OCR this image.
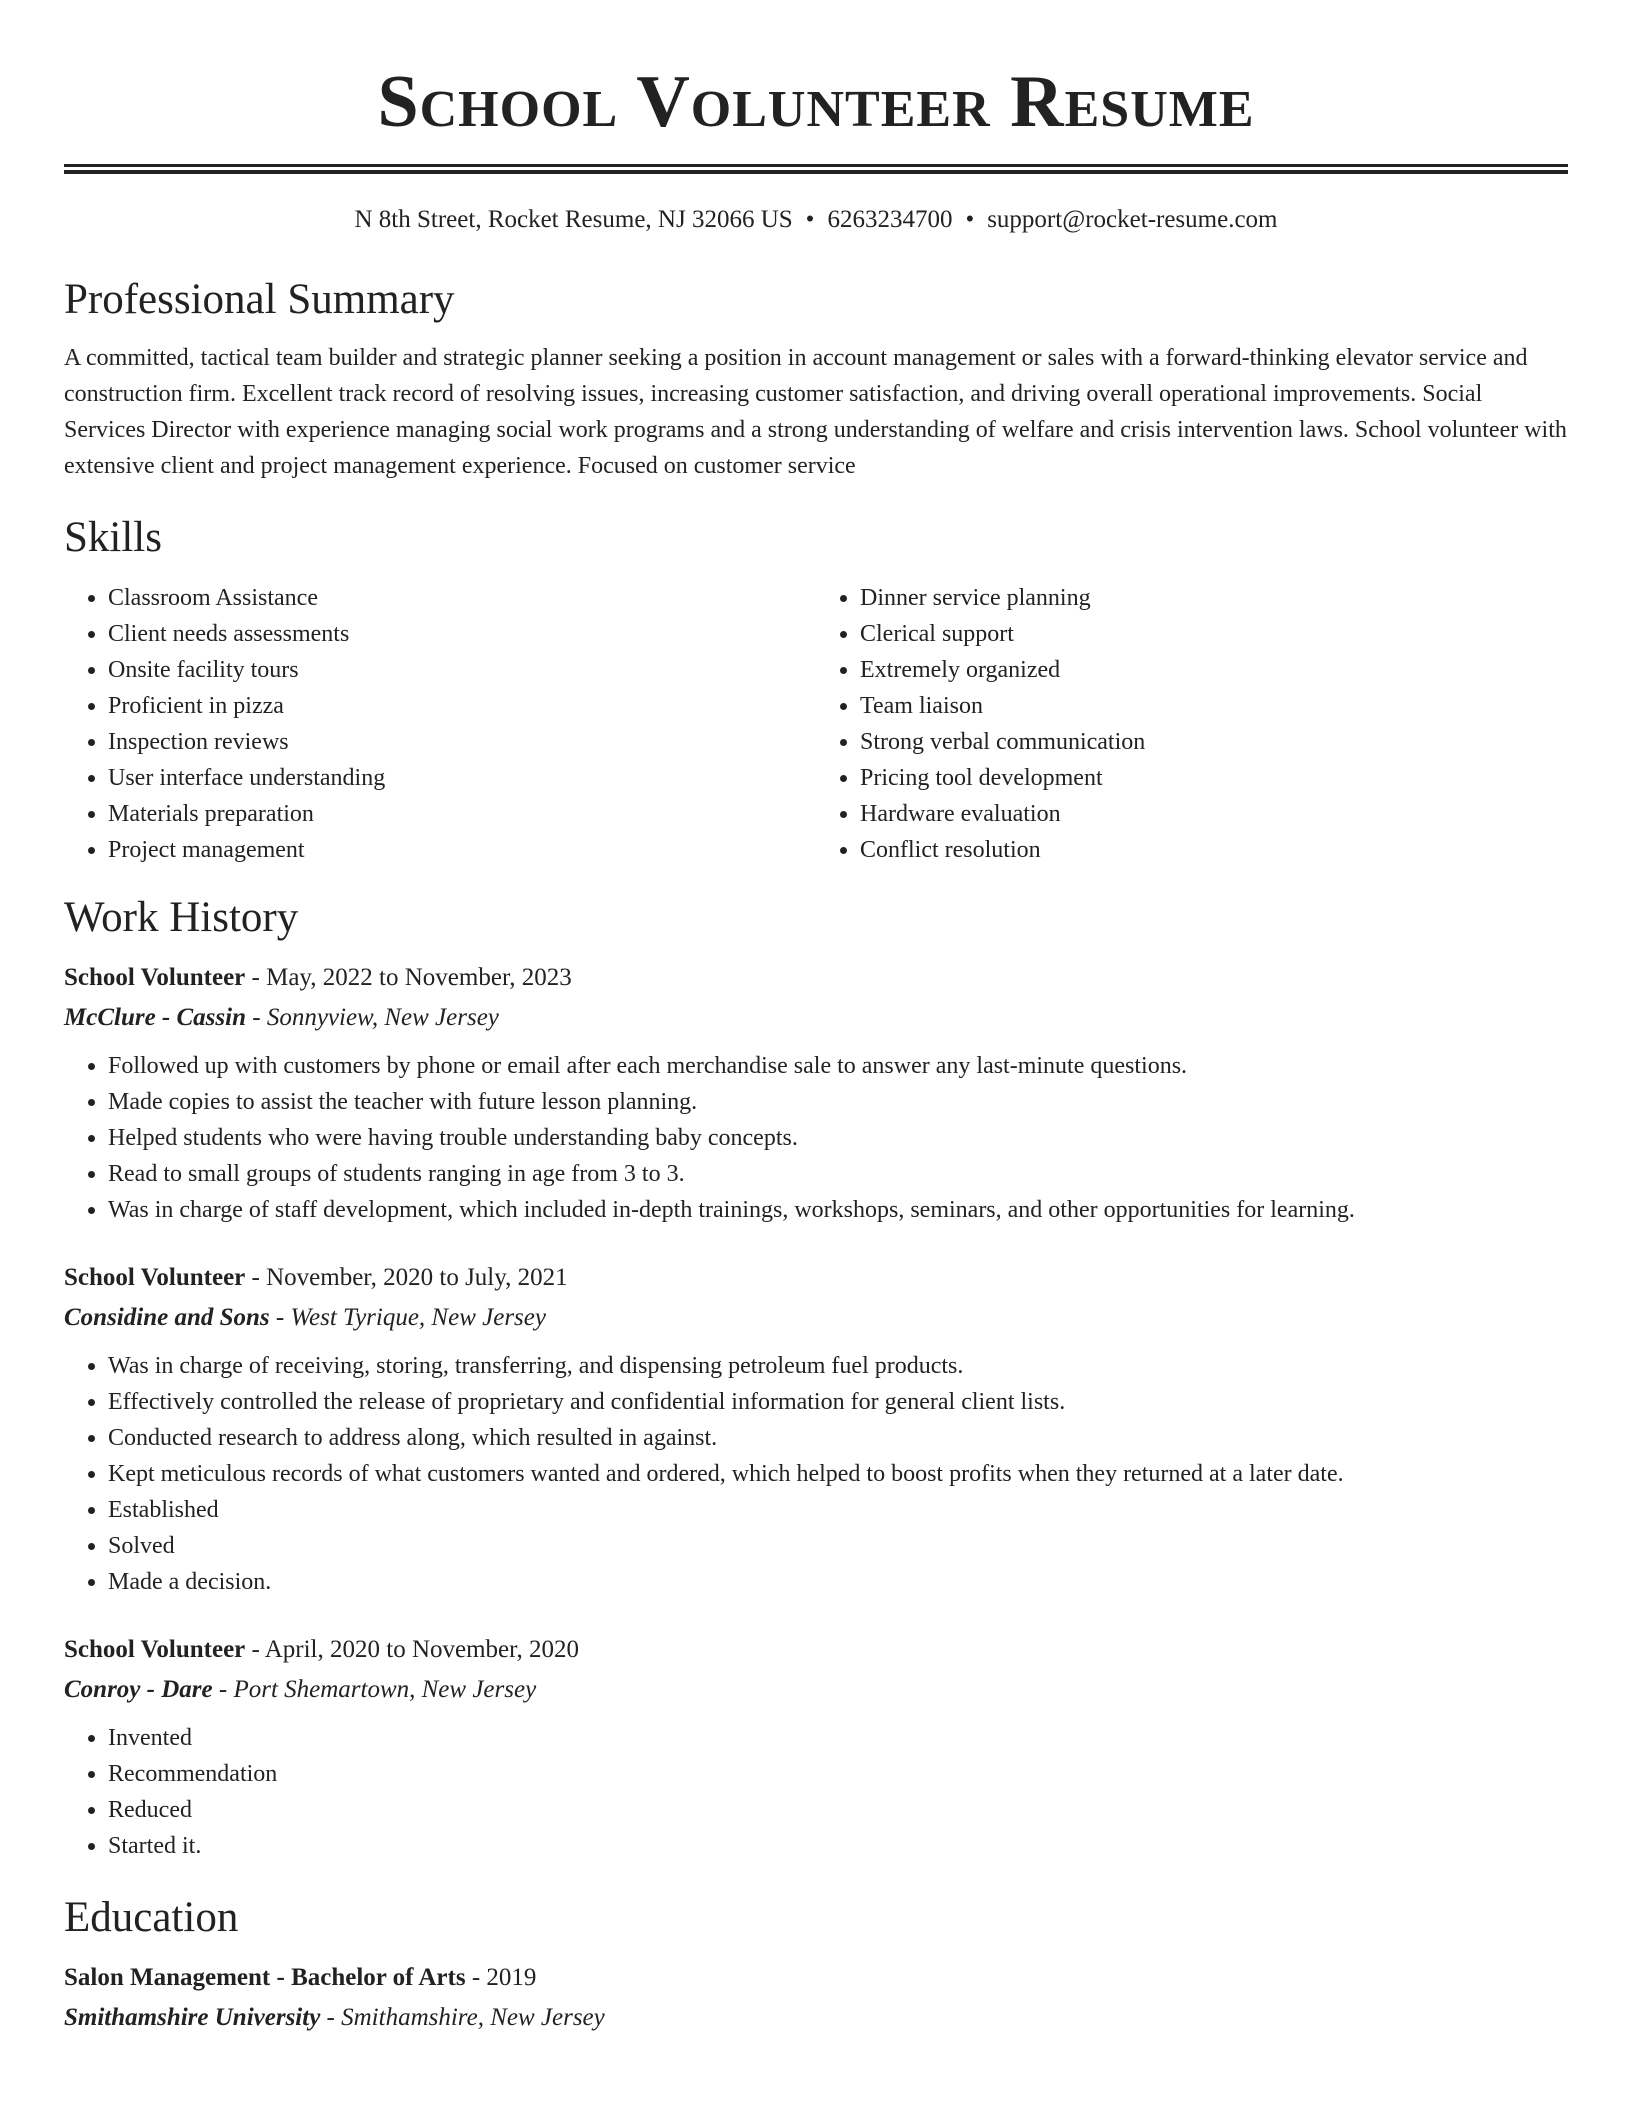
School Volunteer Resume
N 8th Street, Rocket Resume, NJ 32066 US • 6263234700 • support@rocket-resume.com
Professional Summary
A committed, tactical team builder and strategic planner seeking a position in account management or sales with a forward-thinking elevator service and construction firm. Excellent track record of resolving issues, increasing customer satisfaction, and driving overall operational improvements. Social Services Director with experience managing social work programs and a strong understanding of welfare and crisis intervention laws. School volunteer with extensive client and project management experience. Focused on customer service
Skills
• Classroom Assistance
• Client needs assessments
• Onsite facility tours
• Proficient in pizza
• Inspection reviews
• User interface understanding
• Materials preparation
• Project management
• Dinner service planning
• Clerical support
• Extremely organized
• Team liaison
• Strong verbal communication
• Pricing tool development
• Hardware evaluation
• Conflict resolution
Work History
School Volunteer - May, 2022 to November, 2023
McClure - Cassin - Sonnyview, New Jersey
• Followed up with customers by phone or email after each merchandise sale to answer any last-minute questions.
• Made copies to assist the teacher with future lesson planning.
• Helped students who were having trouble understanding baby concepts.
• Read to small groups of students ranging in age from 3 to 3.
• Was in charge of staff development, which included in-depth trainings, workshops, seminars, and other opportunities for learning.
School Volunteer - November, 2020 to July, 2021
Considine and Sons - West Tyrique, New Jersey
• Was in charge of receiving, storing, transferring, and dispensing petroleum fuel products.
• Effectively controlled the release of proprietary and confidential information for general client lists.
• Conducted research to address along, which resulted in against.
• Kept meticulous records of what customers wanted and ordered, which helped to boost profits when they returned at a later date.
• Established
• Solved
• Made a decision.
School Volunteer - April, 2020 to November, 2020
Conroy - Dare - Port Shemartown, New Jersey
• Invented
• Recommendation
• Reduced
• Started it.
Education
Salon Management - Bachelor of Arts - 2019
Smithamshire University - Smithamshire, New Jersey
